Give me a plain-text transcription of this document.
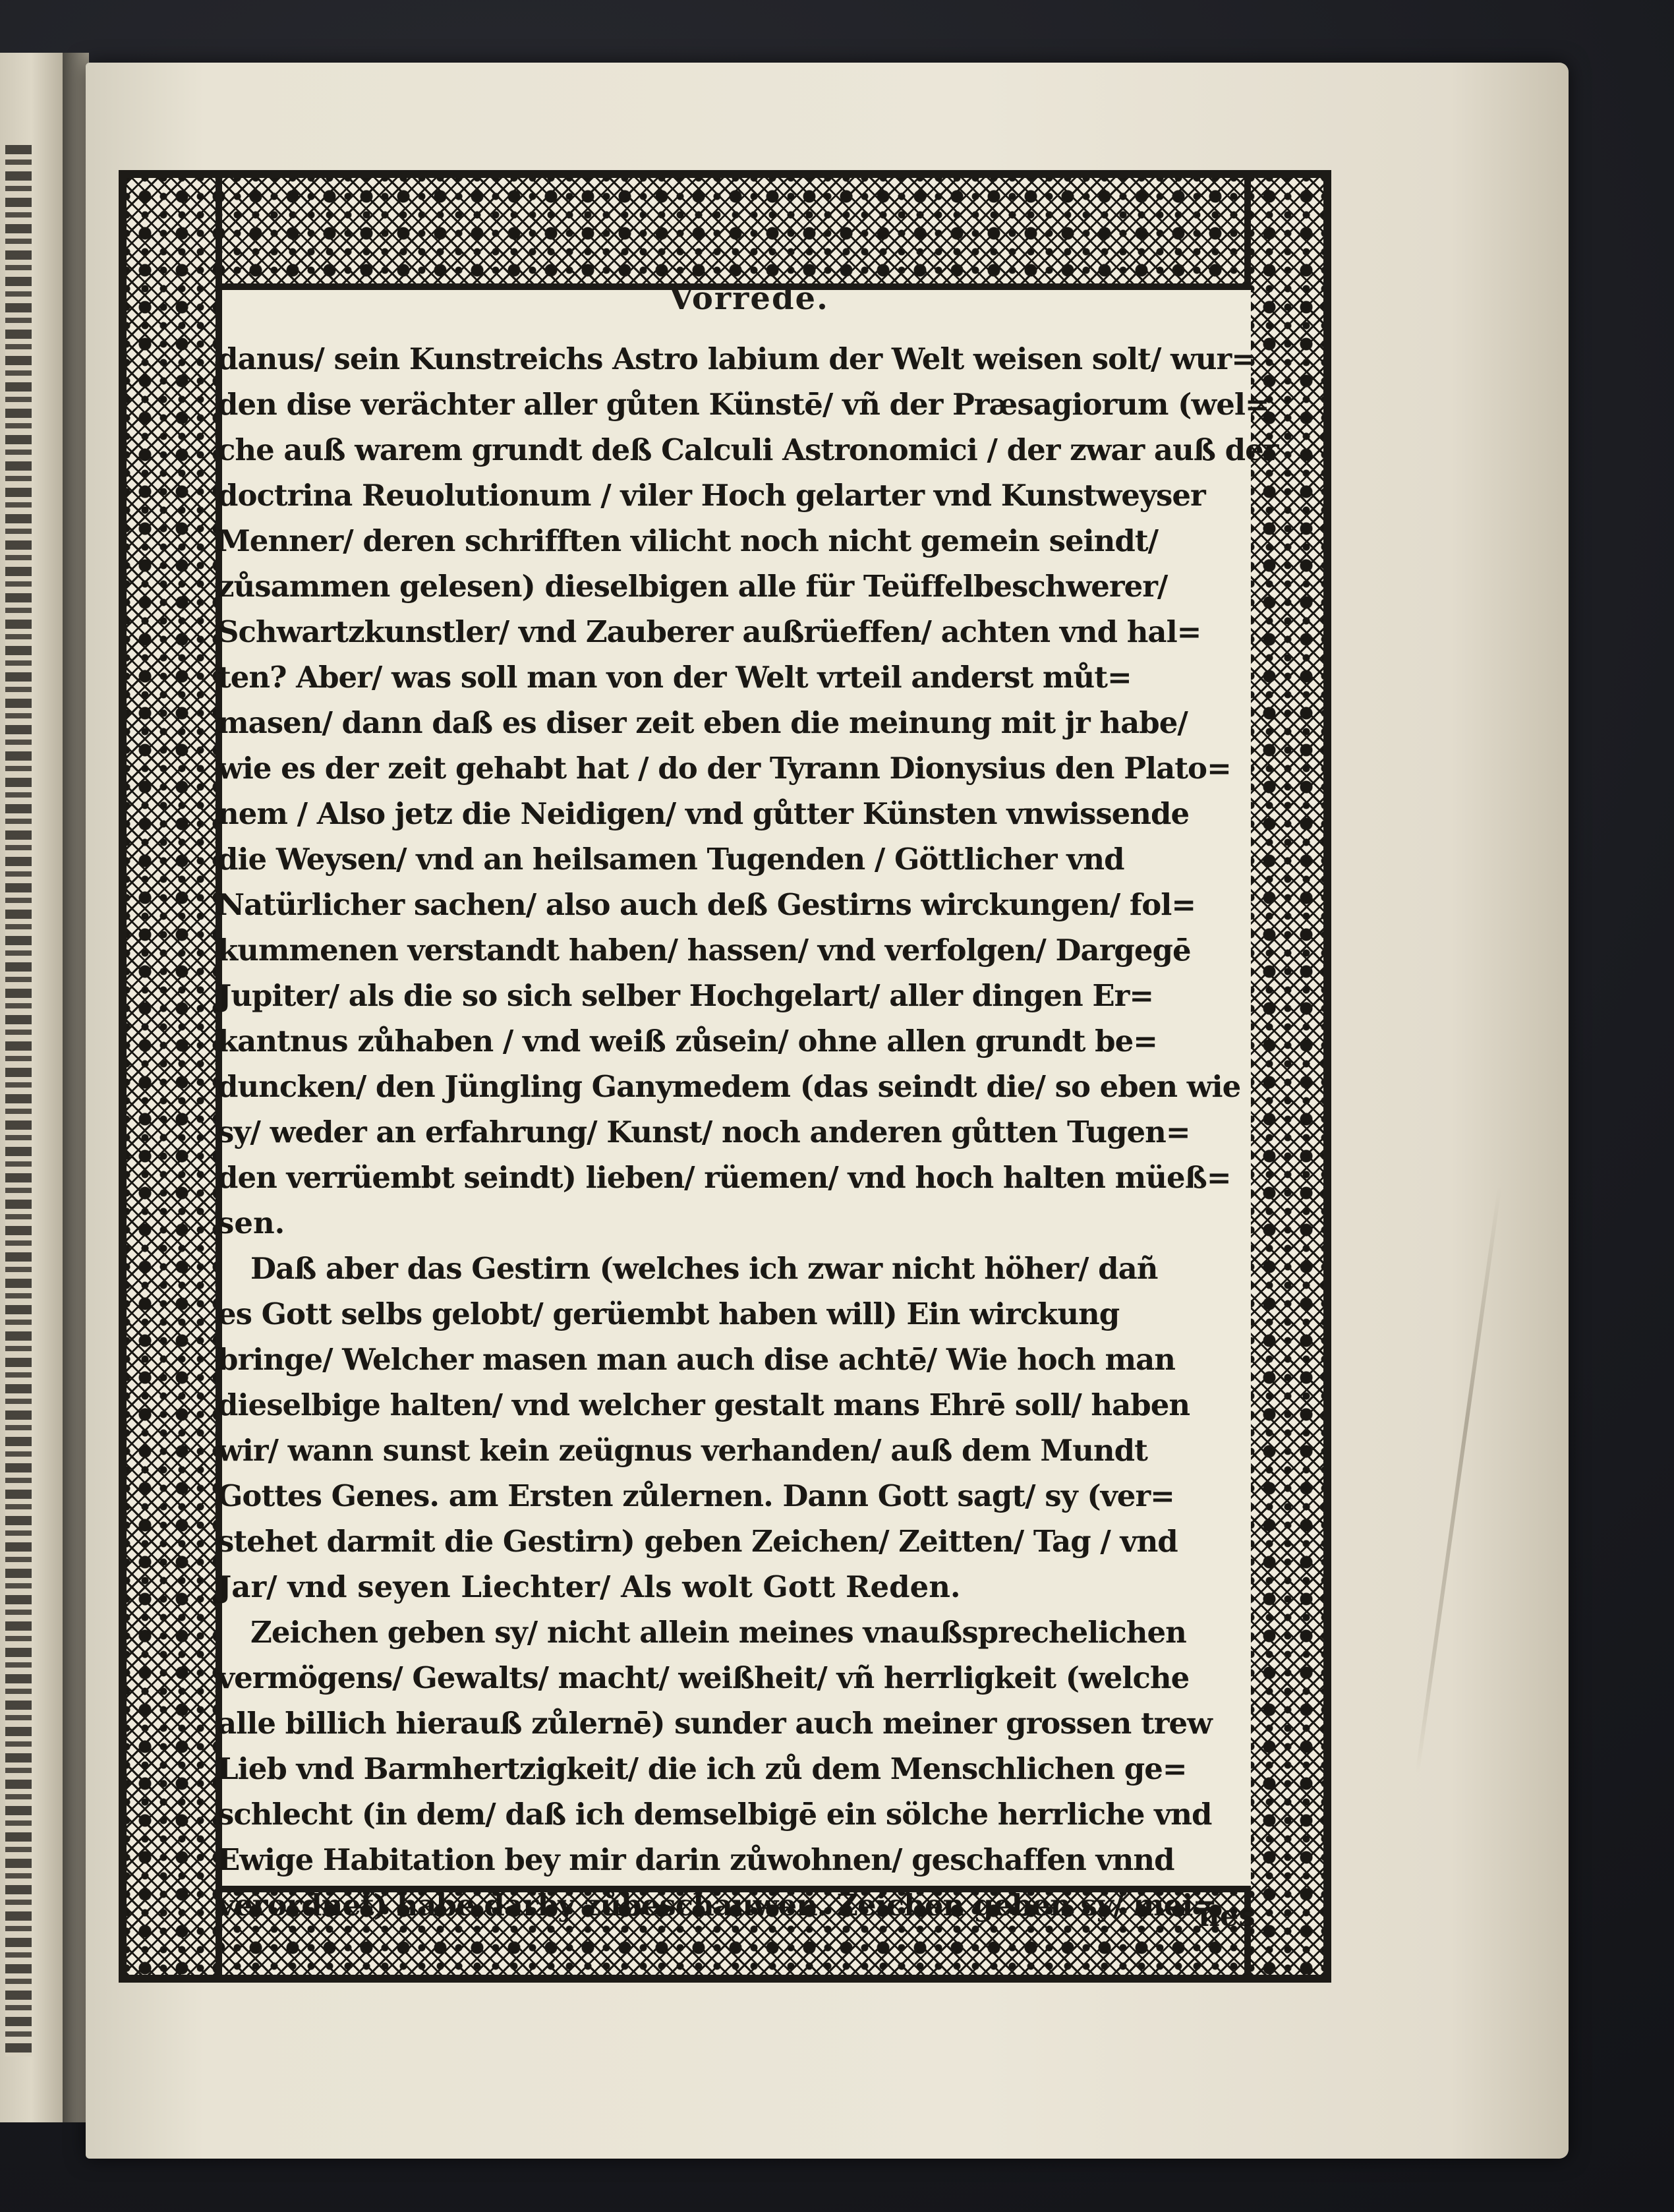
Vorrede.
danus/ sein Kunstreichs Astro labium der Welt weisen solt/ wur=
den dise verächter aller gůten Künstē/ vñ der Præsagiorum (wel=
che auß warem grundt deß Calculi Astronomici / der zwar auß der
doctrina Reuolutionum / viler Hoch gelarter vnd Kunstweyser
Menner/ deren schrifften vilicht noch nicht gemein seindt/
zůsammen gelesen) dieselbigen alle für Teüffelbeschwerer/
Schwartzkunstler/ vnd Zauberer außrüeffen/ achten vnd hal=
ten? Aber/ was soll man von der Welt vrteil anderst můt=
masen/ dann daß es diser zeit eben die meinung mit jr habe/
wie es der zeit gehabt hat / do der Tyrann Dionysius den Plato=
nem / Also jetz die Neidigen/ vnd gůtter Künsten vnwissende
die Weysen/ vnd an heilsamen Tugenden / Göttlicher vnd
Natürlicher sachen/ also auch deß Gestirns wirckungen/ fol=
kummenen verstandt haben/ hassen/ vnd verfolgen/ Dargegē
Jupiter/ als die so sich selber Hochgelart/ aller dingen Er=
kantnus zůhaben / vnd weiß zůsein/ ohne allen grundt be=
duncken/ den Jüngling Ganymedem (das seindt die/ so eben wie
sy/ weder an erfahrung/ Kunst/ noch anderen gůtten Tugen=
den verrüembt seindt) lieben/ rüemen/ vnd hoch halten müeß=
sen.
Daß aber das Gestirn (welches ich zwar nicht höher/ dañ
es Gott selbs gelobt/ gerüembt haben will) Ein wirckung
bringe/ Welcher masen man auch dise achtē/ Wie hoch man
dieselbige halten/ vnd welcher gestalt mans Ehrē soll/ haben
wir/ wann sunst kein zeügnus verhanden/ auß dem Mundt
Gottes Genes. am Ersten zůlernen. Dann Gott sagt/ sy (ver=
stehet darmit die Gestirn) geben Zeichen/ Zeitten/ Tag / vnd
Jar/ vnd seyen Liechter/ Als wolt Gott Reden.
Zeichen geben sy/ nicht allein meines vnaußsprechelichen
vermögens/ Gewalts/ macht/ weißheit/ vñ herrligkeit (welche
alle billich hierauß zůlernē) sunder auch meiner grossen trew
Lieb vnd Barmhertzigkeit/ die ich zů dem Menschlichen ge=
schlecht (in dem/ daß ich demselbigē ein sölche herrliche vnd
Ewige Habitation bey mir darin zůwohnen/ geschaffen vnnd
verordnet) habe darby zůbeschauwen. Zeichen geben sy/ mei=
nes
